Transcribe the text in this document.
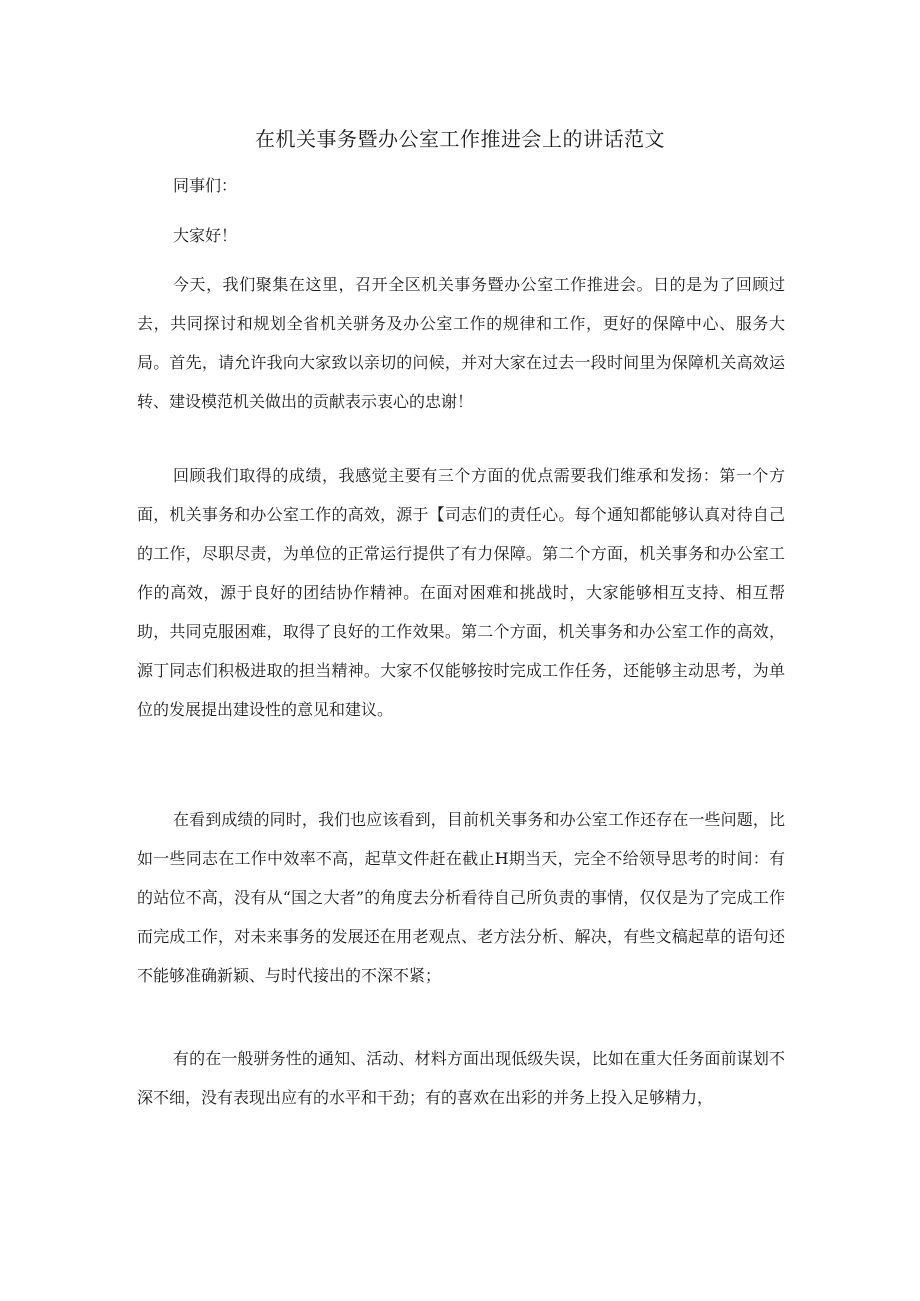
在机关事务暨办公室工作推进会上的讲话范文

同事们：

大家好！

今天，我们聚集在这里，召开全区机关事务暨办公室工作推进会。日的是为了回顾过去，共同探讨和规划全省机关骈务及办公室工作的规律和工作，更好的保障中心、服务大局。首先，请允许我向大家致以亲切的问候，并对大家在过去一段时间里为保障机关高效运转、建设模范机关做出的贡献表示衷心的忠谢！

回顾我们取得的成绩，我感觉主要有三个方面的优点需要我们维承和发扬：第一个方面，机关事务和办公室工作的高效，源于【司志们的责任心。每个通知都能够认真对待自己的工作，尽职尽责，为单位的正常运行提供了有力保障。第二个方面，机关事务和办公室工作的高效，源于良好的团结协作精神。在面对困难和挑战时，大家能够相互支持、相互帮助，共同克服困难，取得了良好的工作效果。第二个方面，机关事务和办公室工作的高效，源丁同志们积极进取的担当精神。大家不仅能够按时完成工作任务，还能够主动思考，为单位的发展提出建设性的意见和建议。

在看到成绩的同时，我们也应该看到，目前机关事务和办公室工作还存在一些问题，比如一些同志在工作中效率不高，起草文件赶在截止H期当天，完全不给领导思考的时间：有的站位不高，没有从“国之大者”的角度去分析看待自己所负责的事情，仅仅是为了完成工作而完成工作，对未来事务的发展还在用老观点、老方法分析、解决，有些文稿起草的语句还不能够准确新颖、与时代接出的不深不紧；

有的在一般骈务性的通知、活动、材料方面出现低级失误，比如在重大任务面前谋划不深不细，没有表现出应有的水平和干劲；有的喜欢在出彩的并务上投入足够精力，
